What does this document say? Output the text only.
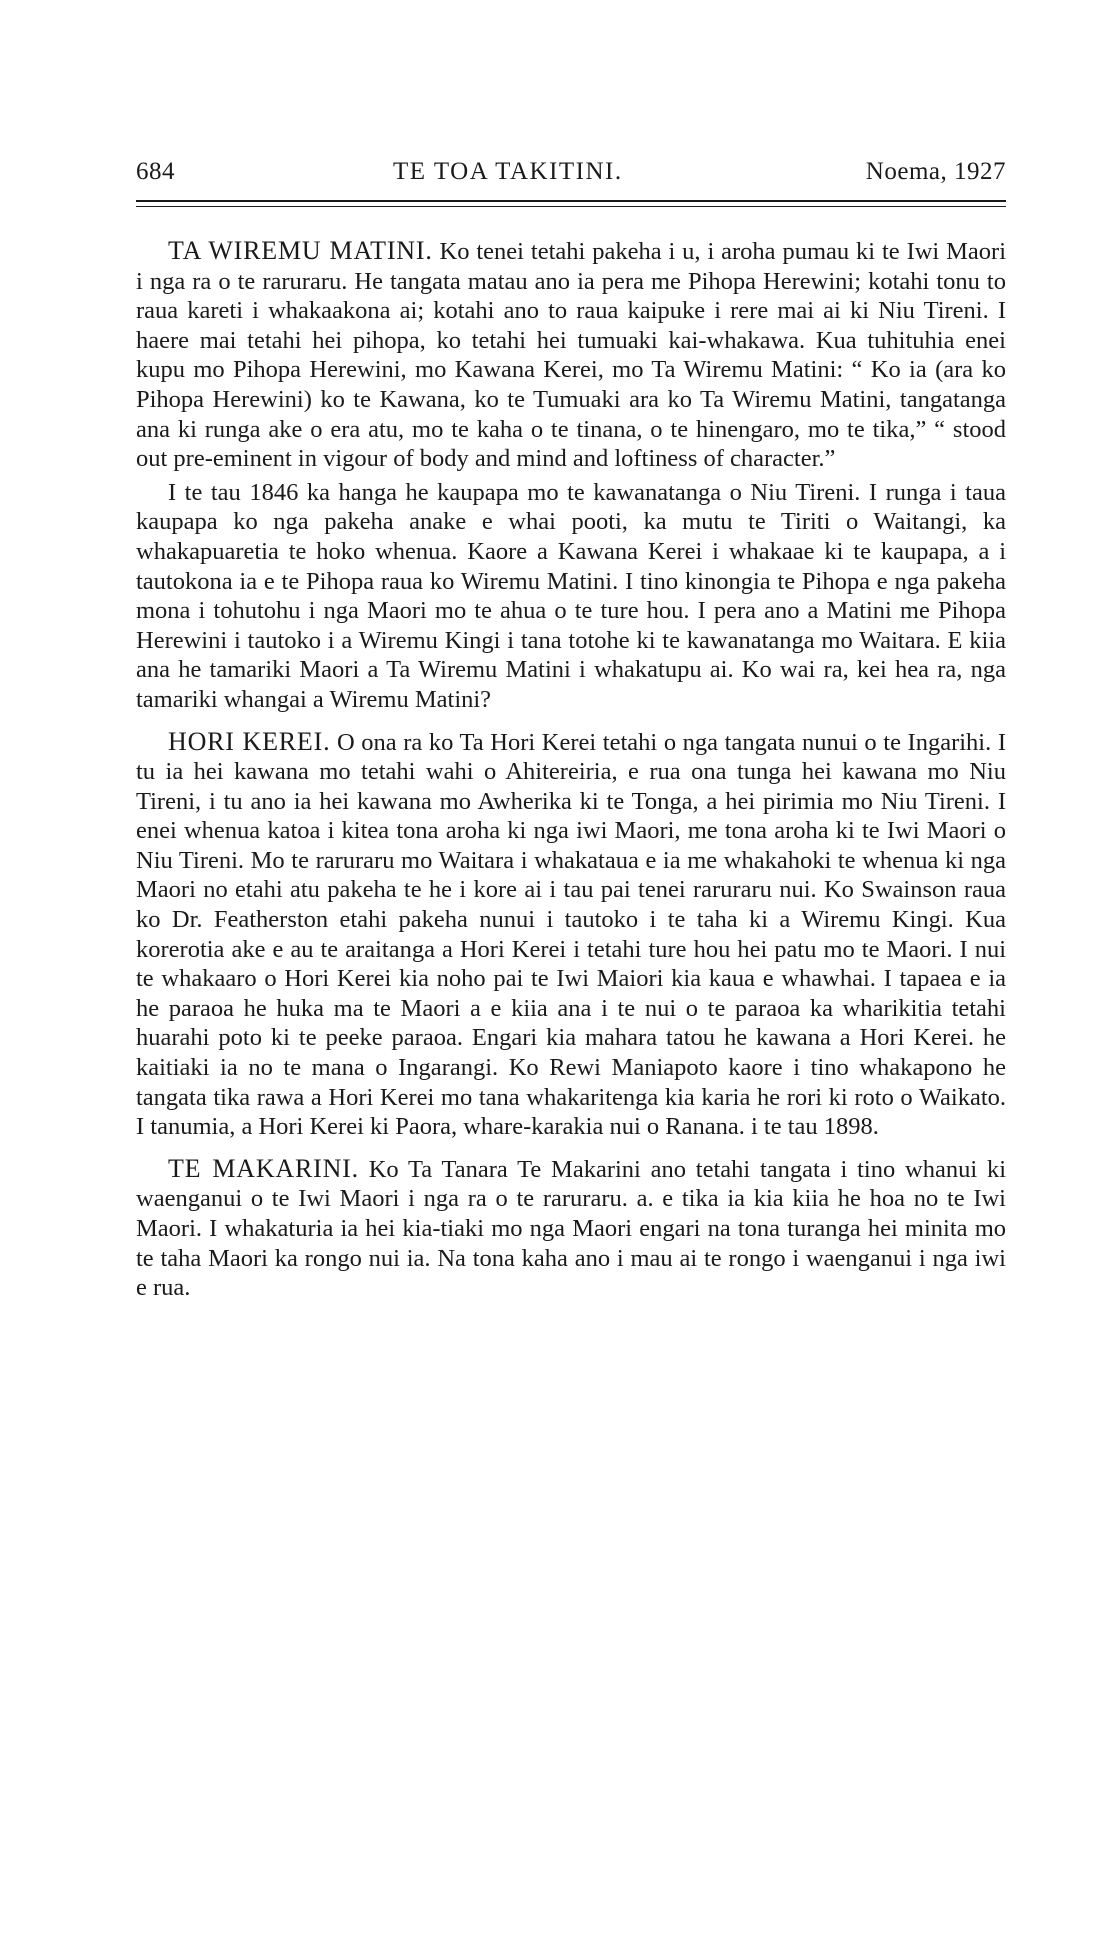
684	TE TOA TAKITINI.	Noema, 1927

TA WIREMU MATINI. Ko tenei tetahi pakeha i u, i aroha pumau ki te Iwi Maori i nga ra o te raruraru. He tangata matau ano ia pera me Pihopa Herewini; kotahi tonu to raua kareti i whakaakona ai; kotahi ano to raua kaipuke i rere mai ai ki Niu Tireni. I haere mai tetahi hei pihopa, ko tetahi hei tumuaki kai-whakawa. Kua tuhituhia enei kupu mo Pihopa Herewini, mo Kawana Kerei, mo Ta Wiremu Matini: “ Ko ia (ara ko Pihopa Herewini) ko te Kawana, ko te Tumuaki ara ko Ta Wiremu Matini, tangatanga ana ki runga ake o era atu, mo te kaha o te tinana, o te hinengaro, mo te tika,” “ stood out pre-eminent in vigour of body and mind and loftiness of character.”

I te tau 1846 ka hanga he kaupapa mo te kawanatanga o Niu Tireni. I runga i taua kaupapa ko nga pakeha anake e whai pooti, ka mutu te Tiriti o Waitangi, ka whakapuaretia te hoko whenua. Kaore a Kawana Kerei i whakaae ki te kaupapa, a i tautokona ia e te Pihopa raua ko Wiremu Matini. I tino kinongia te Pihopa e nga pakeha mona i tohutohu i nga Maori mo te ahua o te ture hou. I pera ano a Matini me Pihopa Herewini i tautoko i a Wiremu Kingi i tana totohe ki te kawanatanga mo Waitara. E kiia ana he tamariki Maori a Ta Wiremu Matini i whakatupu ai. Ko wai ra, kei hea ra, nga tamariki whangai a Wiremu Matini?

HORI KEREI. O ona ra ko Ta Hori Kerei tetahi o nga tangata nunui o te Ingarihi. I tu ia hei kawana mo tetahi wahi o Ahitereiria, e rua ona tunga hei kawana mo Niu Tireni, i tu ano ia hei kawana mo Awherika ki te Tonga, a hei pirimia mo Niu Tireni. I enei whenua katoa i kitea tona aroha ki nga iwi Maori, me tona aroha ki te Iwi Maori o Niu Tireni. Mo te raruraru mo Waitara i whakataua e ia me whakahoki te whenua ki nga Maori no etahi atu pakeha te he i kore ai i tau pai tenei raruraru nui. Ko Swainson raua ko Dr. Featherston etahi pakeha nunui i tautoko i te taha ki a Wiremu Kingi. Kua korerotia ake e au te araitanga a Hori Kerei i tetahi ture hou hei patu mo te Maori. I nui te whakaaro o Hori Kerei kia noho pai te Iwi Maiori kia kaua e whawhai. I tapaea e ia he paraoa he huka ma te Maori a e kiia ana i te nui o te paraoa ka wharikitia tetahi huarahi poto ki te peeke paraoa. Engari kia mahara tatou he kawana a Hori Kerei. he kaitiaki ia no te mana o Ingarangi. Ko Rewi Maniapoto kaore i tino whakapono he tangata tika rawa a Hori Kerei mo tana whakaritenga kia karia he rori ki roto o Waikato. I tanumia, a Hori Kerei ki Paora, whare-karakia nui o Ranana. i te tau 1898.

TE MAKARINI. Ko Ta Tanara Te Makarini ano tetahi tangata i tino whanui ki waenganui o te Iwi Maori i nga ra o te raruraru. a. e tika ia kia kiia he hoa no te Iwi Maori. I whakaturia ia hei kia-tiaki mo nga Maori engari na tona turanga hei minita mo te taha Maori ka rongo nui ia. Na tona kaha ano i mau ai te rongo i waenganui i nga iwi e rua.
